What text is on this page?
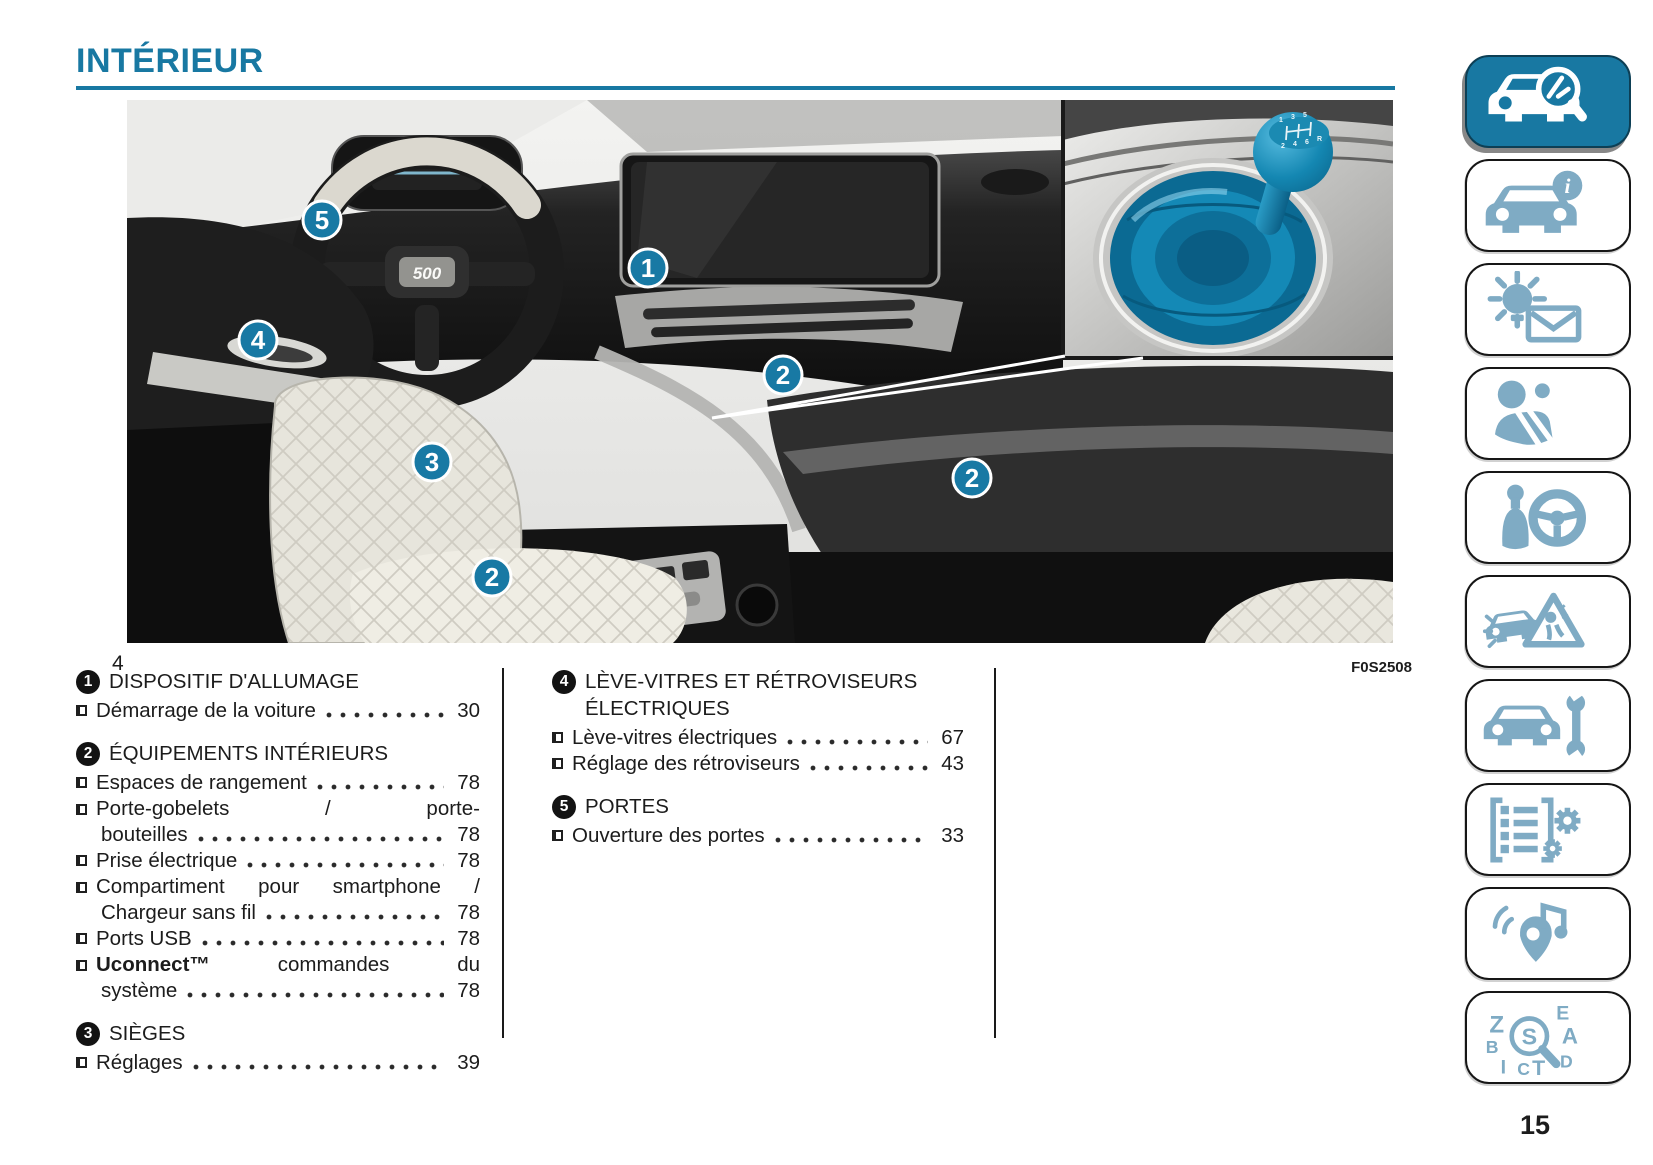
INTÉRIEUR
500
1 3 5
2 4 6 R
5
4
1
2
3
2
2
4	F0S2508
1 DISPOSITIF D'ALLUMAGE
Démarrage de la voiture	30
2 ÉQUIPEMENTS INTÉRIEURS
Espaces de rangement	78
Porte-gobelets / porte-
bouteilles	78
Prise électrique	78
Compartiment pour smartphone /
Chargeur sans fil	78
Ports USB	78
Uconnect™ commandes du
système	78
3 SIÈGES
Réglages	39
4 LÈVE-VITRES ET RÉTROVISEURS
ÉLECTRIQUES
Lève-vitres électriques	67
Réglage des rétroviseurs	43
5 PORTES
Ouverture des portes	33
i
Z E
B	A
I C T D
S
15
